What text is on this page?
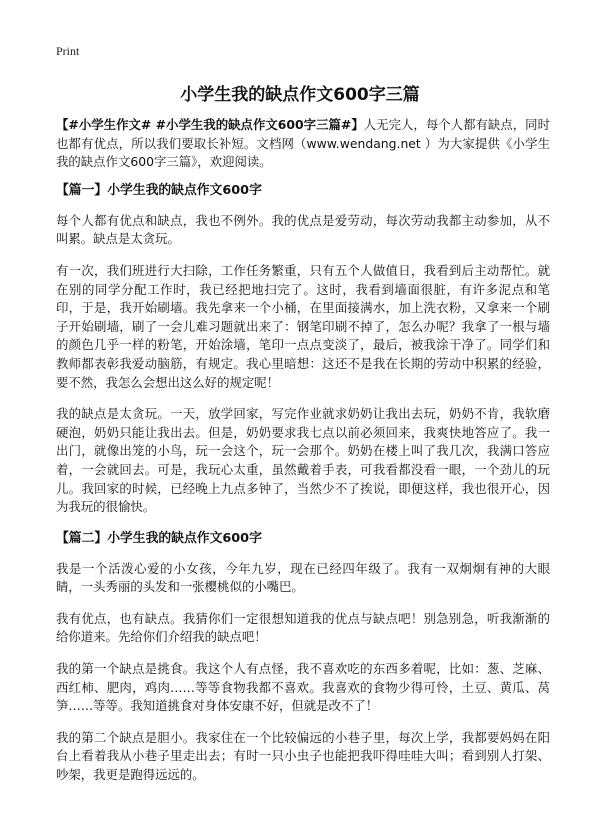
Print
小学生我的缺点作文600字三篇

【#小学生作文# #小学生我的缺点作文600字三篇#】人无完人，每个人都有缺点，同时也都有优点，所以我们要取长补短。文档网（www.wendang.net ）为大家提供《小学生我的缺点作文600字三篇》，欢迎阅读。

【篇一】小学生我的缺点作文600字

每个人都有优点和缺点，我也不例外。我的优点是爱劳动，每次劳动我都主动参加，从不叫累。缺点是太贪玩。

有一次，我们班进行大扫除，工作任务繁重，只有五个人做值日，我看到后主动帮忙。就在别的同学分配工作时，我已经把地扫完了。这时，我看到墙面很脏，有许多泥点和笔印，于是，我开始刷墙。我先拿来一个小桶，在里面接满水，加上洗衣粉，又拿来一个刷子开始刷墙，刷了一会儿难习题就出来了：钢笔印刷不掉了，怎么办呢？我拿了一根与墙的颜色几乎一样的粉笔，开始涂墙，笔印一点点变淡了，最后，被我涂干净了。同学们和教师都表彰我爱动脑筋，有规定。我心里暗想：这还不是我在长期的劳动中积累的经验，要不然，我怎么会想出这么好的规定呢！

我的缺点是太贪玩。一天，放学回家，写完作业就求奶奶让我出去玩，奶奶不肯，我软磨硬泡，奶奶只能让我出去。但是，奶奶要求我七点以前必须回来，我爽快地答应了。我一出门，就像出笼的小鸟，玩一会这个，玩一会那个。奶奶在楼上叫了我几次，我满口答应着，一会就回去。可是，我玩心太重，虽然戴着手表，可我看都没看一眼，一个劲儿的玩儿。我回家的时候，已经晚上九点多钟了，当然少不了挨说，即便这样，我也很开心，因为我玩的很愉快。

【篇二】小学生我的缺点作文600字

我是一个活泼心爱的小女孩，今年九岁，现在已经四年级了。我有一双炯炯有神的大眼睛，一头秀丽的头发和一张樱桃似的小嘴巴。

我有优点，也有缺点。我猜你们一定很想知道我的优点与缺点吧！别急别急，听我渐渐的给你道来。先给你们介绍我的缺点吧！

我的第一个缺点是挑食。我这个人有点怪，我不喜欢吃的东西多着呢，比如：葱、芝麻、西红柿、肥肉，鸡肉……等等食物我都不喜欢。我喜欢的食物少得可怜，土豆、黄瓜、莴笋……等等。我知道挑食对身体安康不好，但就是改不了！

我的第二个缺点是胆小。我家住在一个比较偏远的小巷子里，每次上学，我都要妈妈在阳台上看着我从小巷子里走出去；有时一只小虫子也能把我吓得哇哇大叫；看到别人打架、吵架，我更是跑得远远的。
